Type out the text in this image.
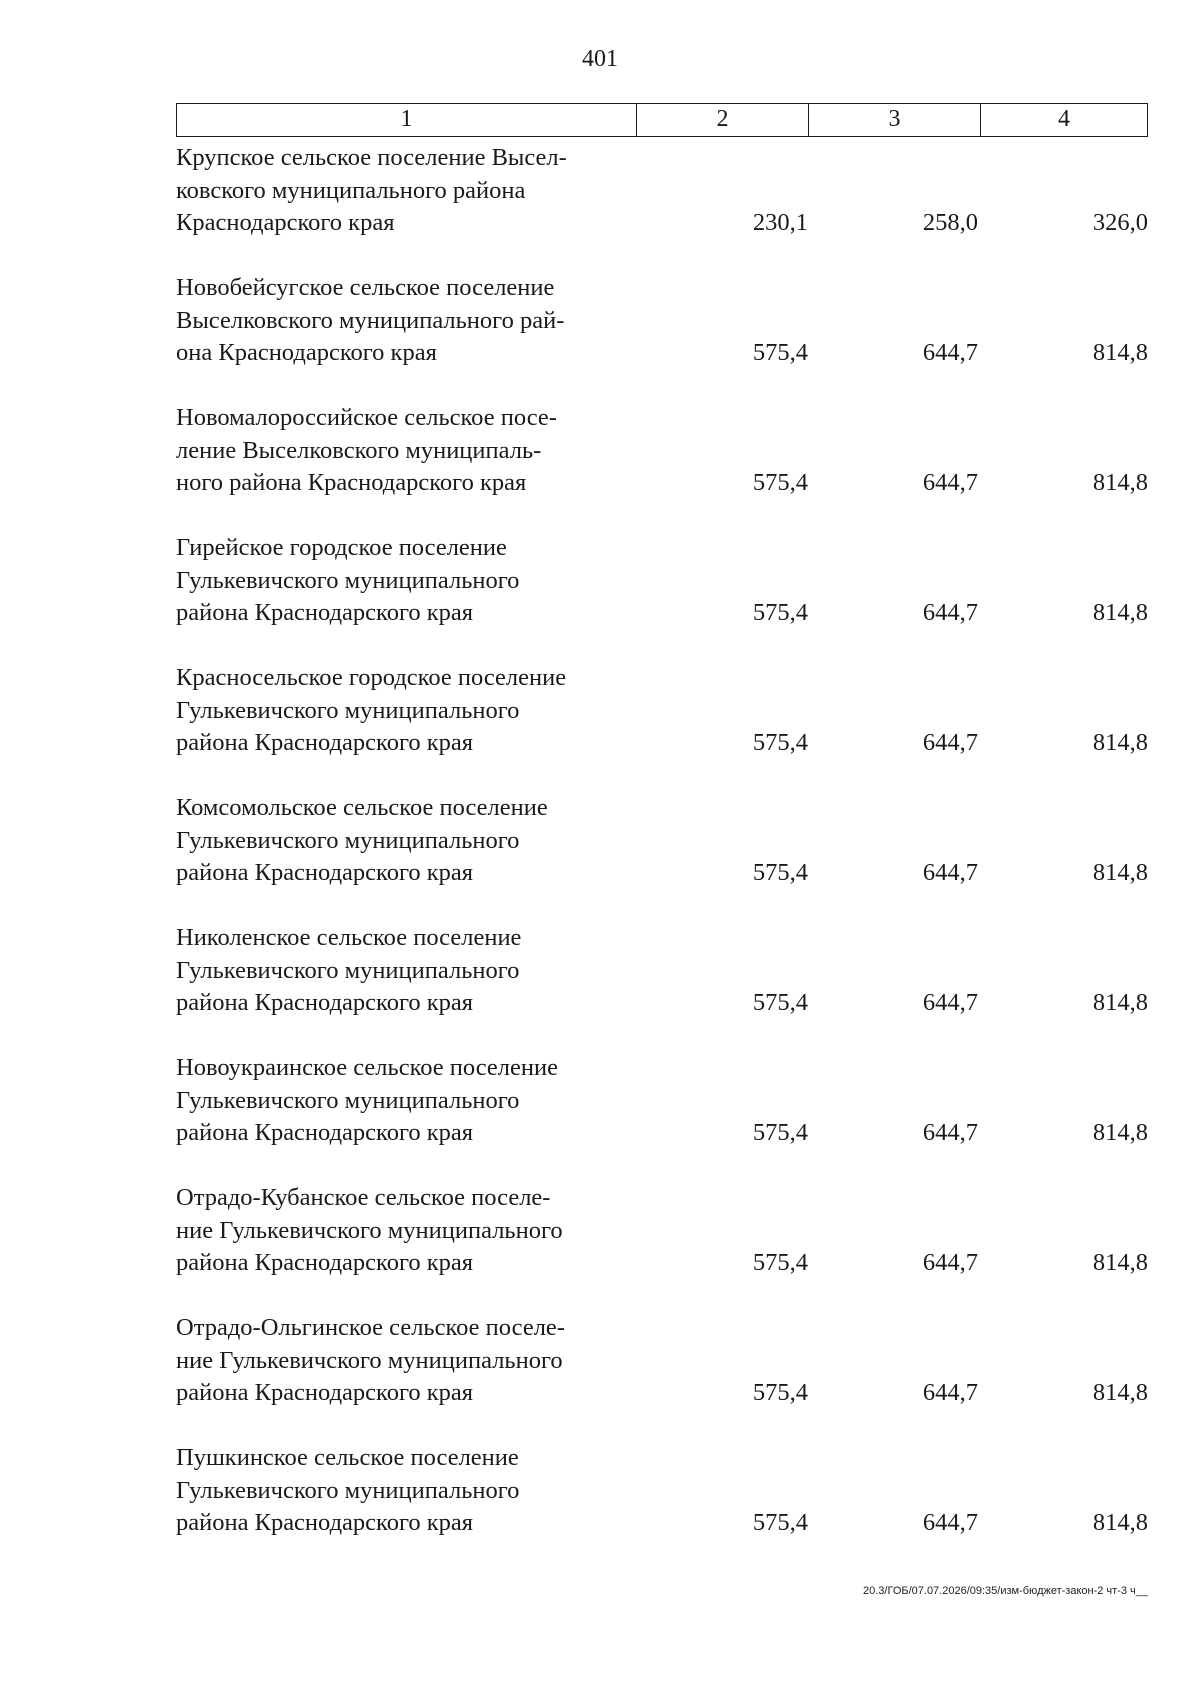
401
1	2	3	4
Крупское сельское поселение Высел-
ковского муниципального района
Краснодарского края	230,1	258,0	326,0
Новобейсугское сельское поселение
Выселковского муниципального рай-
она Краснодарского края	575,4	644,7	814,8
Новомалороссийское сельское посе-
ление Выселковского муниципаль-
ного района Краснодарского края	575,4	644,7	814,8
Гирейское городское поселение
Гулькевичского муниципального
района Краснодарского края	575,4	644,7	814,8
Красносельское городское поселение
Гулькевичского муниципального
района Краснодарского края	575,4	644,7	814,8
Комсомольское сельское поселение
Гулькевичского муниципального
района Краснодарского края	575,4	644,7	814,8
Николенское сельское поселение
Гулькевичского муниципального
района Краснодарского края	575,4	644,7	814,8
Новоукраинское сельское поселение
Гулькевичского муниципального
района Краснодарского края	575,4	644,7	814,8
Отрадо-Кубанское сельское поселе-
ние Гулькевичского муниципального
района Краснодарского края	575,4	644,7	814,8
Отрадо-Ольгинское сельское поселе-
ние Гулькевичского муниципального
района Краснодарского края	575,4	644,7	814,8
Пушкинское сельское поселение
Гулькевичского муниципального
района Краснодарского края	575,4	644,7	814,8
20.3/ГОБ/07.07.2026/09:35/изм-бюджет-закон-2 чт-3 ч__
